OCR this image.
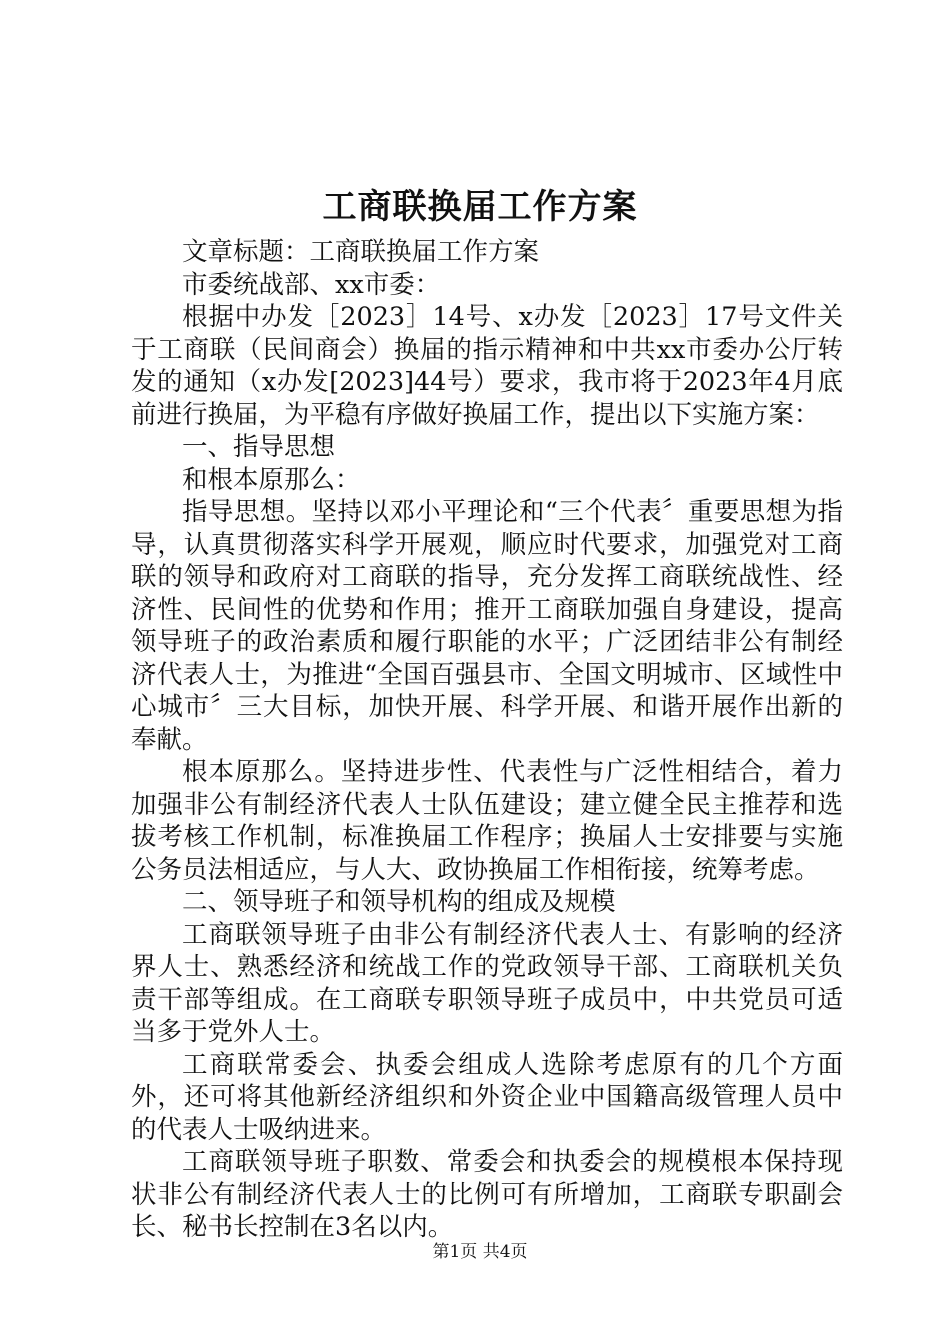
工商联换届工作方案

文章标题：工商联换届工作方案

市委统战部、xx市委：

根据中办发［2023］14号、x办发［2023］17号文件关于工商联（民间商会）换届的指示精神和中共xx市委办公厅转发的通知（x办发[2023]44号）要求，我市将于2023年4月底前进行换届，为平稳有序做好换届工作，提出以下实施方案：

一、指导思想

和根本原那么：

指导思想。坚持以邓小平理论和“三个代表〞重要思想为指导，认真贯彻落实科学开展观，顺应时代要求，加强党对工商联的领导和政府对工商联的指导，充分发挥工商联统战性、经济性、民间性的优势和作用；推开工商联加强自身建设，提高领导班子的政治素质和履行职能的水平；广泛团结非公有制经济代表人士，为推进“全国百强县市、全国文明城市、区域性中心城市〞三大目标，加快开展、科学开展、和谐开展作出新的奉献。

根本原那么。坚持进步性、代表性与广泛性相结合，着力加强非公有制经济代表人士队伍建设；建立健全民主推荐和选拔考核工作机制，标准换届工作程序；换届人士安排要与实施公务员法相适应，与人大、政协换届工作相衔接，统筹考虑。

二、领导班子和领导机构的组成及规模

工商联领导班子由非公有制经济代表人士、有影响的经济界人士、熟悉经济和统战工作的党政领导干部、工商联机关负责干部等组成。在工商联专职领导班子成员中，中共党员可适当多于党外人士。

工商联常委会、执委会组成人选除考虑原有的几个方面外，还可将其他新经济组织和外资企业中国籍高级管理人员中的代表人士吸纳进来。

工商联领导班子职数、常委会和执委会的规模根本保持现状非公有制经济代表人士的比例可有所增加，工商联专职副会长、秘书长控制在3名以内。

第1页 共4页
